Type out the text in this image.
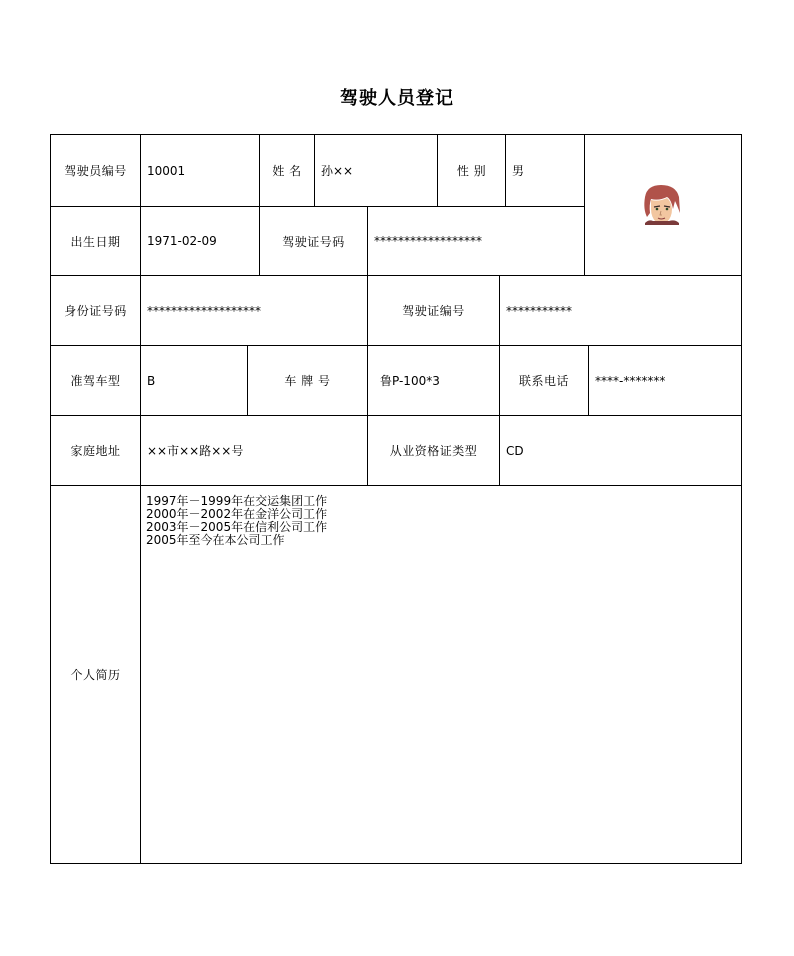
驾驶人员登记
驾驶员编号	10001	姓 名	孙××	性 别	男
出生日期	1971-02-09	驾驶证号码	******************
身份证号码	*******************	驾驶证编号	***********
准驾车型	B	车 牌 号	鲁P-100*3	联系电话	****-*******
家庭地址	××市××路××号	从业资格证类型	CD
个人简历
1997年－1999年在交运集团工作
2000年－2002年在金洋公司工作
2003年－2005年在信利公司工作
2005年至今在本公司工作
